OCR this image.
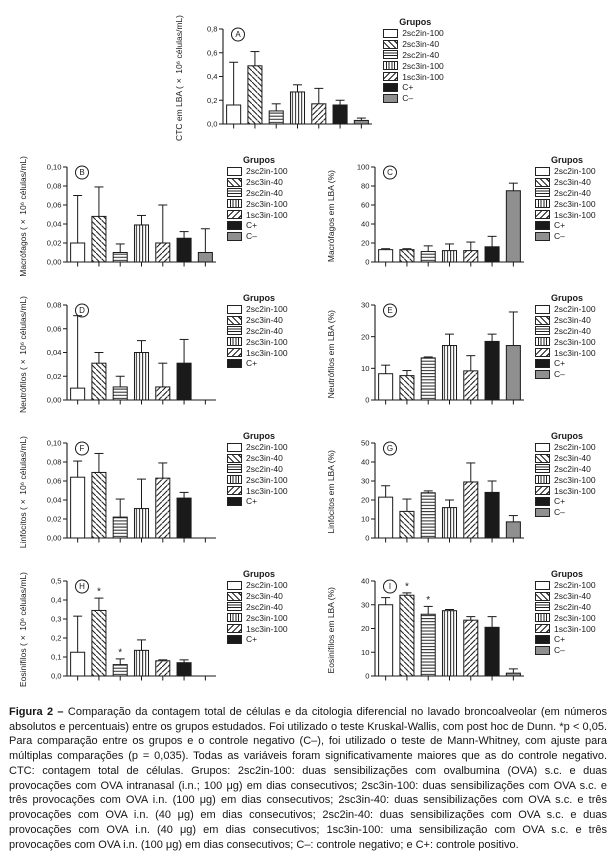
CTC em LBA (× 10⁶ células/mL)	0,0
0,2
0,4
0,6
0,8
A
Grupos
2sc2in-100
2sc3in-40
2sc2in-40
2sc3in-100
1sc3in-100
C+
C–
Macrófagos (× 10⁶ células/mL) 0,00
0,02
0,04
0,06
0,08
0,10
B
Grupos
2sc2in-100
2sc3in-40
2sc2in-40
2sc3in-100
1sc3in-100
C+
C–	Macrófagos em LBA (%)
0
20
40
60
80
100
C
Grupos
2sc2in-100
2sc3in-40
2sc2in-40
2sc3in-100
1sc3in-100
C+
C–
Neutrófilos (× 10⁶ células/mL) 0,00
0,02
0,04
0,06
0,08
D
Grupos
2sc2in-100
2sc3in-40
2sc2in-40
2sc3in-100
1sc3in-100
C+	Neutrófilos em LBA (%)
0
10
20
30
E
Grupos
2sc2in-100
2sc3in-40
2sc2in-40
2sc3in-100
1sc3in-100
C+
C–
Linfócitos (× 10⁶ células/mL) 0,00
0,02
0,04
0,06
0,08
0,10
F
Grupos
2sc2in-100
2sc3in-40
2sc2in-40
2sc3in-100
1sc3in-100
C+	Linfócitos em LBA (%)
0
10
20
30
40
50
G
Grupos
2sc2in-100
2sc3in-40
2sc2in-40
2sc3in-100
1sc3in-100
C+
C–
Eosinífilos (× 10⁶ células/mL)	0,0
0,1
0,2
0,3
0,4
0,5
*
*
H
Grupos
2sc2in-100
2sc3in-40
2sc2in-40
2sc3in-100
1sc3in-100
C+	Eosinífilos em LBA (%)
0
10
20
30
40
*
*
I
Grupos
2sc2in-100
2sc3in-40
2sc2in-40
2sc3in-100
1sc3in-100
C+
C–
Figura 2 – Comparação da contagem total de células e da citologia diferencial no lavado broncoalveolar (em números absolutos e percentuais) entre os grupos estudados. Foi utilizado o teste Kruskal-Wallis, com post hoc de Dunn. *p < 0,05. Para comparação entre os grupos e o controle negativo (C–), foi utilizado o teste de Mann-Whitney, com ajuste para múltiplas comparações (p = 0,035). Todas as variáveis foram significativamente maiores que as do controle negativo. CTC: contagem total de células. Grupos: 2sc2in-100: duas sensibilizações com ovalbumina (OVA) s.c. e duas provocações com OVA intranasal (i.n.; 100 μg) em dias consecutivos; 2sc3in-100: duas sensibilizações com OVA s.c. e três provocações com OVA i.n. (100 μg) em dias consecutivos; 2sc3in-40: duas sensibilizações com OVA s.c. e três provocações com OVA i.n. (40 μg) em dias consecutivos; 2sc2in-40: duas sensibilizações com OVA s.c. e duas provocações com OVA i.n. (40 μg) em dias consecutivos; 1sc3in-100: uma sensibilização com OVA s.c. e três provocações com OVA i.n. (100 μg) em dias consecutivos; C–: controle negativo; e C+: controle positivo.
